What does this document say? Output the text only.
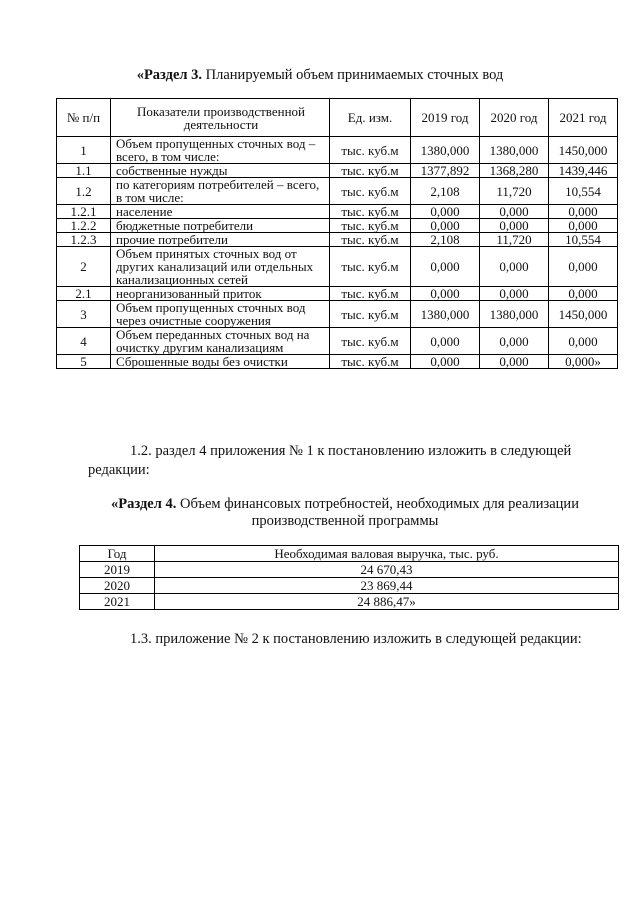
«Раздел 3. Планируемый объем принимаемых сточных вод
№ п/п	Показатели производственной деятельности	Ед. изм.	2019 год	2020 год	2021 год
1	Объем пропущенных сточных вод – всего, в том числе:	тыс. куб.м	1380,000	1380,000	1450,000
1.1	собственные нужды	тыс. куб.м	1377,892	1368,280	1439,446
1.2	по категориям потребителей – всего, в том числе:	тыс. куб.м	2,108	11,720	10,554
1.2.1	население	тыс. куб.м	0,000	0,000	0,000
1.2.2	бюджетные потребители	тыс. куб.м	0,000	0,000	0,000
1.2.3	прочие потребители	тыс. куб.м	2,108	11,720	10,554
2	Объем принятых сточных вод от других канализаций или отдельных канализационных сетей	тыс. куб.м	0,000	0,000	0,000
2.1	неорганизованный приток	тыс. куб.м	0,000	0,000	0,000
3	Объем пропущенных сточных вод через очистные сооружения	тыс. куб.м	1380,000	1380,000	1450,000
4	Объем переданных сточных вод на очистку другим канализациям	тыс. куб.м	0,000	0,000	0,000
5	Сброшенные воды без очистки	тыс. куб.м	0,000	0,000	0,000»
1.2. раздел 4 приложения № 1 к постановлению изложить в следующей редакции:
«Раздел 4. Объем финансовых потребностей, необходимых для реализации производственной программы
Год	Необходимая валовая выручка, тыс. руб.
2019	24 670,43
2020	23 869,44
2021	24 886,47»
1.3. приложение № 2 к постановлению изложить в следующей редакции:
